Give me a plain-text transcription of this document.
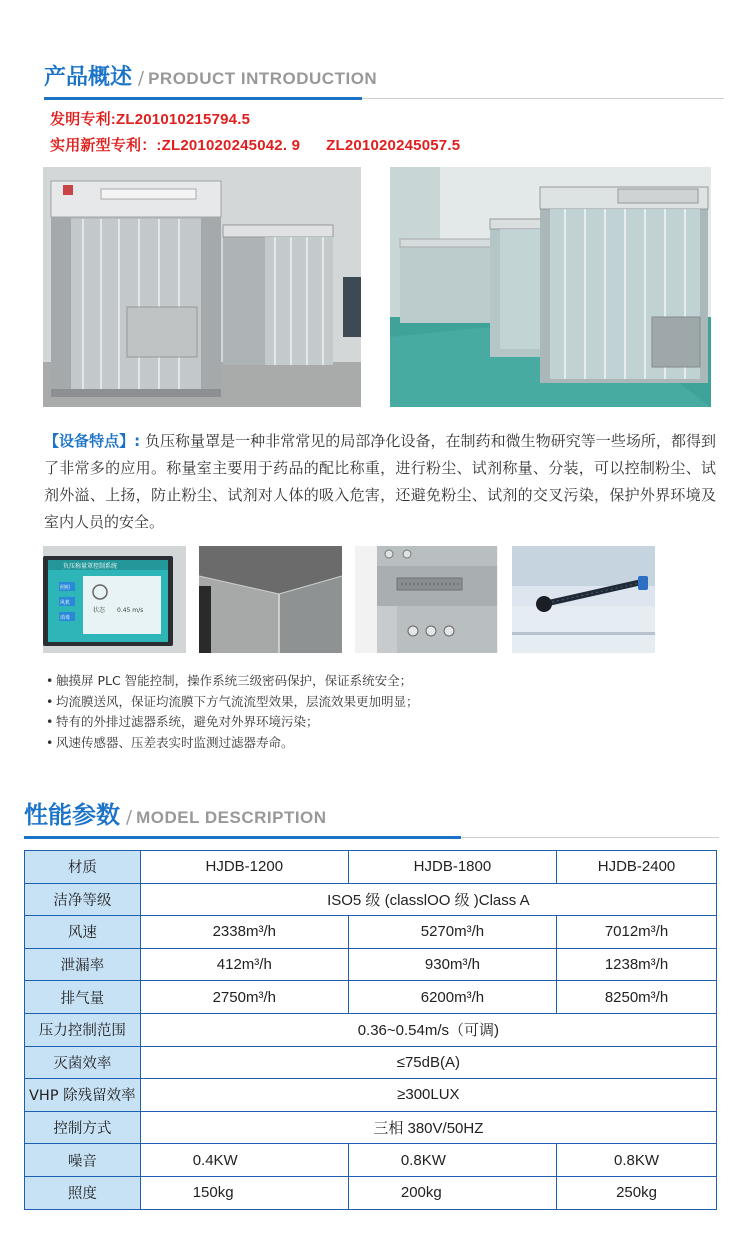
产品概述 / PRODUCT INTRODUCTION
发明专利:ZL201010215794.5
实用新型专利：:ZL201020245042. 9 ZL201020245057.5
【设备特点】: 负压称量罩是一种非常常见的局部净化设备，在制药和微生物研究等一些场所，都得到了非常多的应用。称量室主要用于药品的配比称重，进行粉尘、试剂称量、分装，可以控制粉尘、试剂外溢、上扬，防止粉尘、试剂对人体的吸入危害，还避免粉尘、试剂的交叉污染，保护外界环境及室内人员的安全。
负压称量罩控制系统
照明
风机
消毒
状态 0.45 m/s
• 触摸屏 PLC 智能控制，操作系统三级密码保护，保证系统安全；
• 均流膜送风，保证均流膜下方气流流型效果，层流效果更加明显；
• 特有的外排过滤器系统，避免对外界环境污染；
• 风速传感器、压差表实时监测过滤器寿命。
性能参数 / MODEL DESCRIPTION
材质	HJDB-1200	HJDB-1800	HJDB-2400
洁净等级	ISO5 级 (classlOO 级 )Class A		
风速	2338m³/h	5270m³/h	7012m³/h
泄漏率	412m³/h	930m³/h	1238m³/h
排气量	2750m³/h	6200m³/h	8250m³/h
压力控制范围	0.36~0.54m/s（可调)		
灭菌效率	≤75dB(A)		
VHP 除残留效率	≥300LUX		
控制方式	三相 380V/50HZ		
噪音	0.4KW	0.8KW	0.8KW
照度	150kg	200kg	250kg
